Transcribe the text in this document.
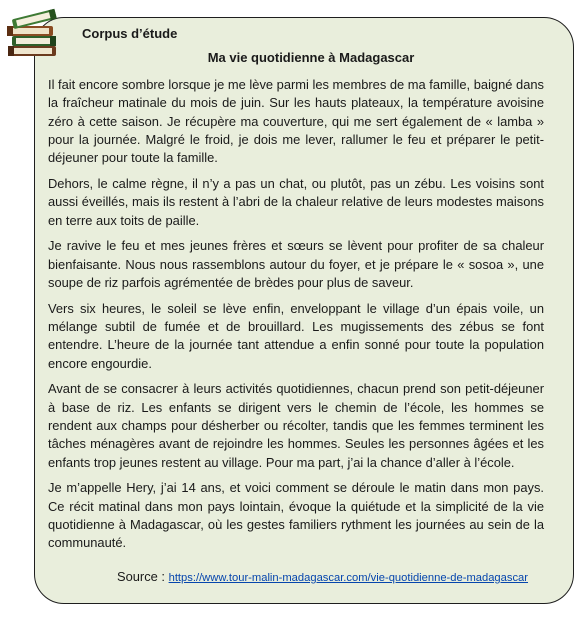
Corpus d’étude
Ma vie quotidienne à Madagascar

Il fait encore sombre lorsque je me lève parmi les membres de ma famille, baigné dans la fraîcheur matinale du mois de juin. Sur les hauts plateaux, la température avoisine zéro à cette saison. Je récupère ma couverture, qui me sert également de « lamba » pour la journée. Malgré le froid, je dois me lever, rallumer le feu et préparer le petit-déjeuner pour toute la famille.

Dehors, le calme règne, il n’y a pas un chat, ou plutôt, pas un zébu. Les voisins sont aussi éveillés, mais ils restent à l’abri de la chaleur relative de leurs modestes maisons en terre aux toits de paille.

Je ravive le feu et mes jeunes frères et sœurs se lèvent pour profiter de sa chaleur bienfaisante. Nous nous rassemblons autour du foyer, et je prépare le « sosoa », une soupe de riz parfois agrémentée de brèdes pour plus de saveur.

Vers six heures, le soleil se lève enfin, enveloppant le village d’un épais voile, un mélange subtil de fumée et de brouillard. Les mugissements des zébus se font entendre. L’heure de la journée tant attendue a enfin sonné pour toute la population encore engourdie.

Avant de se consacrer à leurs activités quotidiennes, chacun prend son petit-déjeuner à base de riz. Les enfants se dirigent vers le chemin de l’école, les hommes se rendent aux champs pour désherber ou récolter, tandis que les femmes terminent les tâches ménagères avant de rejoindre les hommes. Seules les personnes âgées et les enfants trop jeunes restent au village. Pour ma part, j’ai la chance d’aller à l’école.

Je m’appelle Hery, j’ai 14 ans, et voici comment se déroule le matin dans mon pays. Ce récit matinal dans mon pays lointain, évoque la quiétude et la simplicité de la vie quotidienne à Madagascar, où les gestes familiers rythment les journées au sein de la communauté.

Source : https://www.tour-malin-madagascar.com/vie-quotidienne-de-madagascar
